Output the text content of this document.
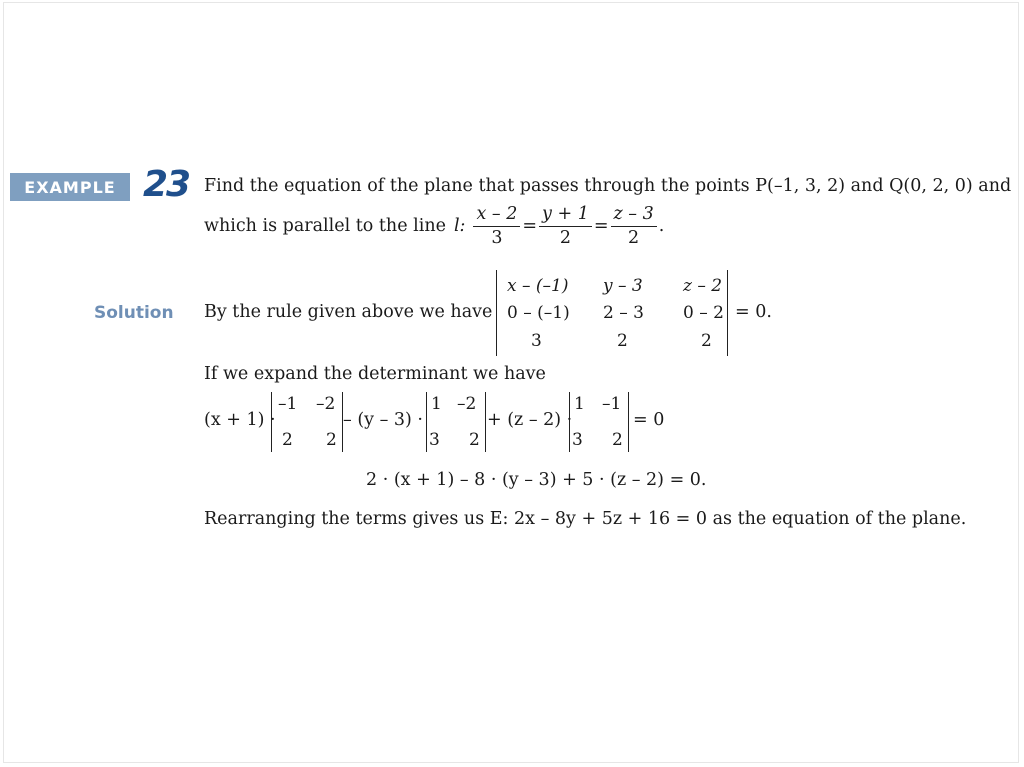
EXAMPLE 23 Find the equation of the plane that passes through the points P(–1, 3, 2) and Q(0, 2, 0) and
which is parallel to the line l: $\frac{x - 2}{3} = \frac{y + 1}{2} = \frac{z - 3}{2}$ .
Solution By the rule given above we have
x – (–1) y – 3 z – 2
0 – (–1) 2 – 3 0 – 2
3	2	2
= 0.
If we expand the determinant we have
(x + 1) ·
–1 –2
2 2
– (y – 3) ·
1 –2
3 2
+ (z – 2) ·
1 –1
3 2
= 0
2 · (x + 1) – 8 · (y – 3) + 5 · (z – 2) = 0.
Rearranging the terms gives us E: 2x – 8y + 5z + 16 = 0 as the equation of the plane.
